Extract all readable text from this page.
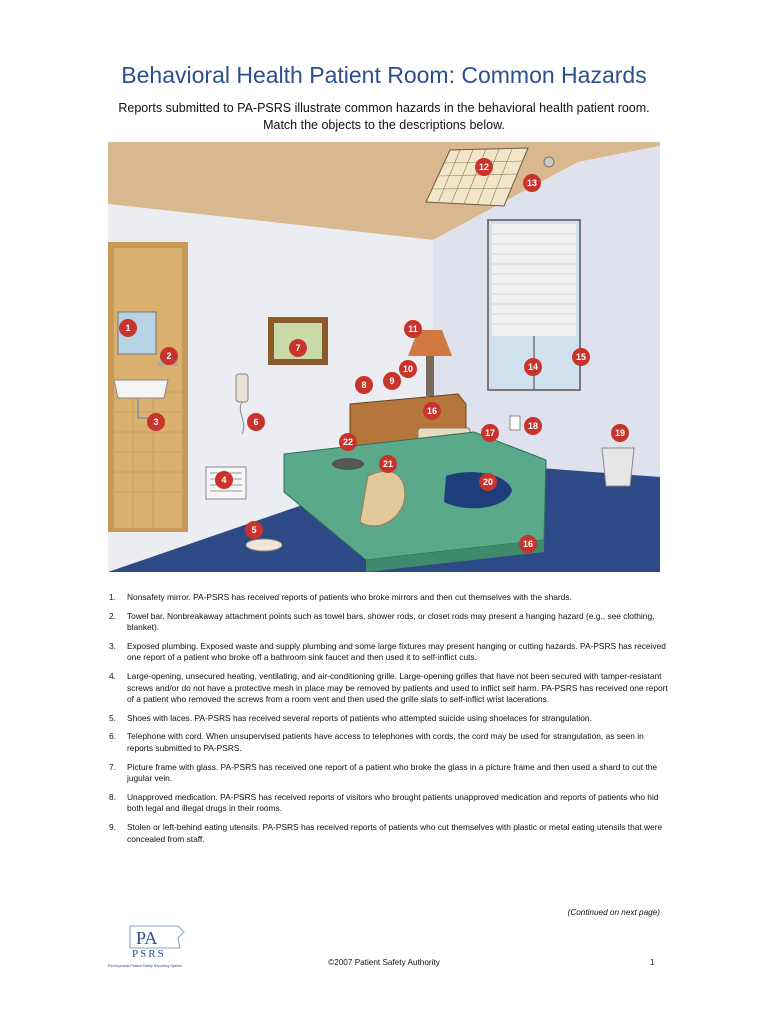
Behavioral Health Patient Room: Common Hazards
Reports submitted to PA-PSRS illustrate common hazards in the behavioral health patient room.
Match the objects to the descriptions below.
1
2
3
4
5
6
7
8	9
10
11
12
13
14
15
16
16
17
18
19
20
21
22
1. Nonsafety mirror. PA-PSRS has received reports of patients who broke mirrors and then cut themselves with the shards.
2. Towel bar. Nonbreakaway attachment points such as towel bars, shower rods, or closet rods may present a hanging hazard (e.g., see clothing, blanket).
3. Exposed plumbing. Exposed waste and supply plumbing and some large fixtures may present hanging or cutting hazards. PA-PSRS has received one report of a patient who broke off a bathroom sink faucet and then used it to self-inflict cuts.
4. Large-opening, unsecured heating, ventilating, and air-conditioning grille. Large-opening grilles that have not been secured with tamper-resistant screws and/or do not have a protective mesh in place may be removed by patients and used to inflict self harm. PA-PSRS has received one report of a patient who removed the screws from a room vent and then used the grille slats to self-inflict wrist lacerations.
5. Shoes with laces. PA-PSRS has received several reports of patients who attempted suicide using shoelaces for strangulation.
6. Telephone with cord. When unsupervised patients have access to telephones with cords, the cord may be used for strangulation, as seen in reports submitted to PA-PSRS.
7. Picture frame with glass. PA-PSRS has received one report of a patient who broke the glass in a picture frame and then used a shard to cut the jugular vein.
8. Unapproved medication. PA-PSRS has received reports of visitors who brought patients unapproved medication and reports of patients who hid both legal and illegal drugs in their rooms.
9. Stolen or left-behind eating utensils. PA-PSRS has received reports of patients who cut themselves with plastic or metal eating utensils that were concealed from staff.
(Continued on next page)
PA
PSRS
Pennsylvania Patient Safety Reporting System	©2007 Patient Safety Authority	1
